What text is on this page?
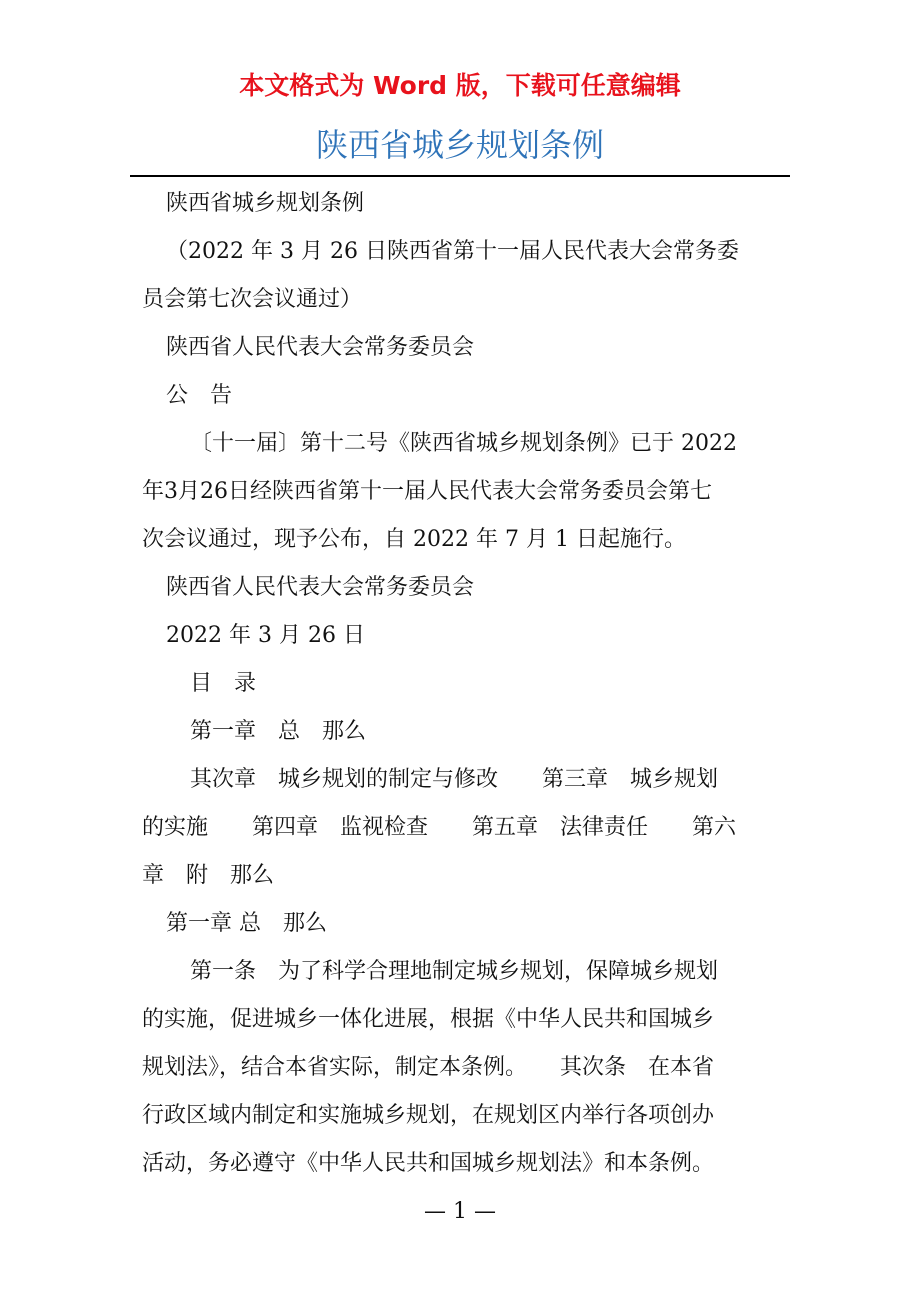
本文格式为 Word 版，下载可任意编辑
陕西省城乡规划条例

陕西省城乡规划条例

（2022 年 3 月 26 日陕西省第十一届人民代表大会常务委

员会第七次会议通过）

陕西省人民代表大会常务委员会

公　告

〔十一届〕第十二号《陕西省城乡规划条例》已于 2022

年3月26日经陕西省第十一届人民代表大会常务委员会第七

次会议通过，现予公布，自 2022 年 7 月 1 日起施行。

陕西省人民代表大会常务委员会

2022 年 3 月 26 日

目　录

第一章　总　那么

其次章　城乡规划的制定与修改　　第三章　城乡规划

的实施　　第四章　监视检查　　第五章　法律责任　　第六

章　附　那么

第一章 总　那么

第一条　为了科学合理地制定城乡规划，保障城乡规划

的实施，促进城乡一体化进展，根据《中华人民共和国城乡

规划法》，结合本省实际，制定本条例。　　其次条　在本省

行政区域内制定和实施城乡规划，在规划区内举行各项创办

活动，务必遵守《中华人民共和国城乡规划法》和本条例。

— 1 —
